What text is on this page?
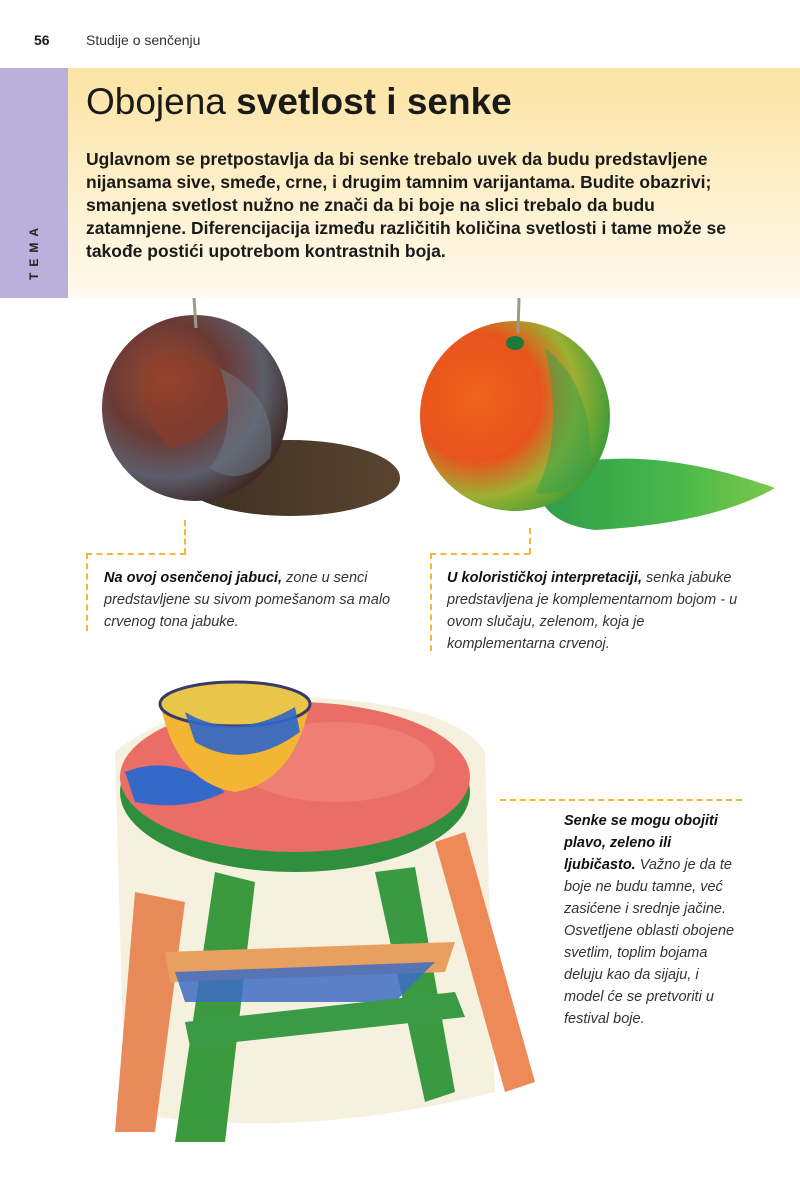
56	Studije o senčenju
TEMA
Obojena svetlost i senke

Uglavnom se pretpostavlja da bi senke trebalo uvek da budu predstavljene nijansama sive, smeđe, crne, i drugim tamnim varijantama. Budite obazrivi; smanjena svetlost nužno ne znači da bi boje na slici trebalo da budu zatamnjene. Diferencijacija između različitih količina svetlosti i tame može se takođe postići upotrebom kontrastnih boja.

Na ovoj osenčenoj jabuci, zone u senci predstavljene su sivom pomešanom sa malo crvenog tona jabuke.

U kolorističkoj interpretaciji, senka jabuke predstavljena je komplementarnom bojom - u ovom slučaju, zelenom, koja je komplementarna crvenoj.

Senke se mogu obojiti plavo, zeleno ili ljubičasto. Važno je da te boje ne budu tamne, već zasićene i srednje jačine. Osvetljene oblasti obojene svetlim, toplim bojama deluju kao da sijaju, i model će se pretvoriti u festival boje.
